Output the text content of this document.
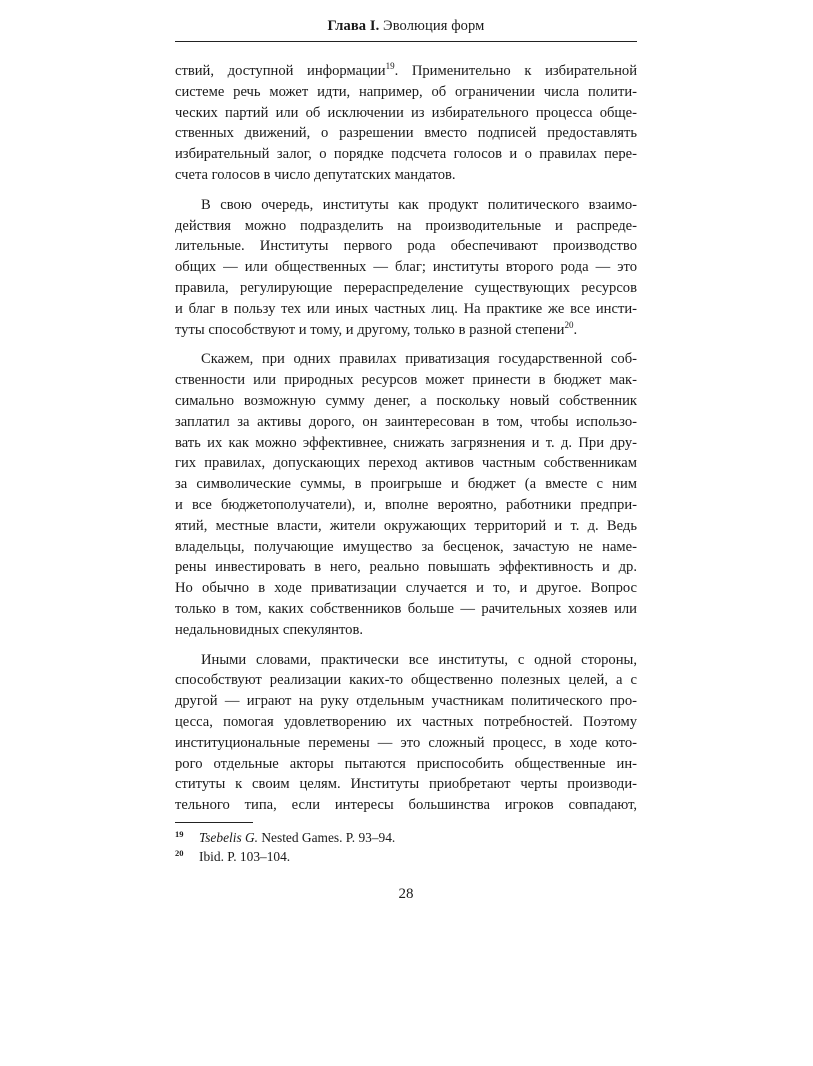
Глава I. Эволюция форм
ствий, доступной информации$^{19}$. Применительно к избирательной
системе речь может идти, например, об ограничении числа полити-
ческих партий или об исключении из избирательного процесса обще-
ственных движений, о разрешении вместо подписей предоставлять
избирательный залог, о порядке подсчета голосов и о правилах пере-
счета голосов в число депутатских мандатов.
В свою очередь, институты как продукт политического взаимо-
действия можно подразделить на производительные и распреде-
лительные. Институты первого рода обеспечивают производство
общих — или общественных — благ; институты второго рода — это
правила, регулирующие перераспределение существующих ресурсов
и благ в пользу тех или иных частных лиц. На практике же все инсти-
туты способствуют и тому, и другому, только в разной степени$^{20}$.
Скажем, при одних правилах приватизация государственной соб-
ственности или природных ресурсов может принести в бюджет мак-
симально возможную сумму денег, а поскольку новый собственник
заплатил за активы дорого, он заинтересован в том, чтобы использо-
вать их как можно эффективнее, снижать загрязнения и т. д. При дру-
гих правилах, допускающих переход активов частным собственникам
за символические суммы, в проигрыше и бюджет (а вместе с ним
и все бюджетополучатели), и, вполне вероятно, работники предпри-
ятий, местные власти, жители окружающих территорий и т. д. Ведь
владельцы, получающие имущество за бесценок, зачастую не наме-
рены инвестировать в него, реально повышать эффективность и др.
Но обычно в ходе приватизации случается и то, и другое. Вопрос
только в том, каких собственников больше — рачительных хозяев или
недальновидных спекулянтов.
Иными словами, практически все институты, с одной стороны,
способствуют реализации каких-то общественно полезных целей, а с
другой — играют на руку отдельным участникам политического про-
цесса, помогая удовлетворению их частных потребностей. Поэтому
институциональные перемены — это сложный процесс, в ходе кото-
рого отдельные акторы пытаются приспособить общественные ин-
ституты к своим целям. Институты приобретают черты производи-
тельного типа, если интересы большинства игроков совпадают,
19	Tsebelis G. Nested Games. P. 93–94.
20	Ibid. P. 103–104.
28
